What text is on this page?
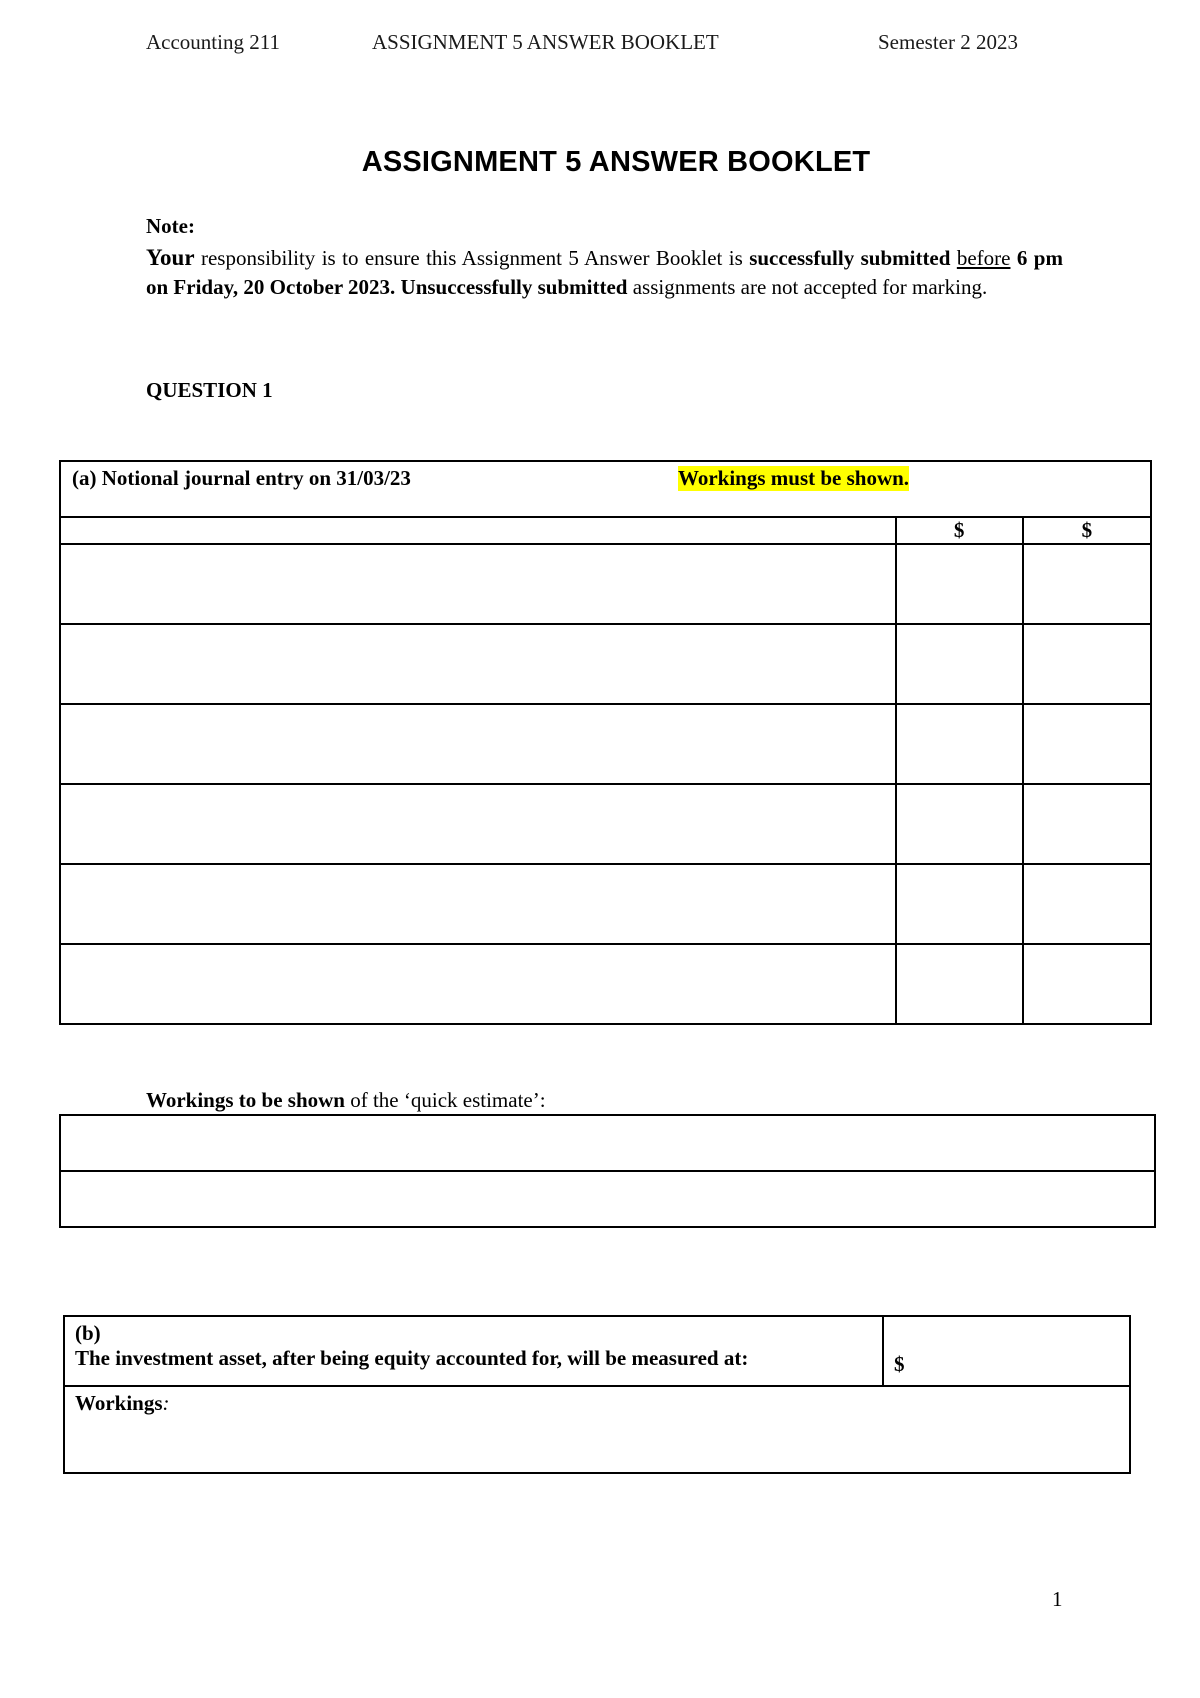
Accounting 211	ASSIGNMENT 5 ANSWER BOOKLET	Semester 2 2023
ASSIGNMENT 5 ANSWER BOOKLET
Note:
Your responsibility is to ensure this Assignment 5 Answer Booklet is successfully submitted before 6 pm on Friday, 20 October 2023. Unsuccessfully submitted assignments are not accepted for marking.
QUESTION 1
(a) Notional journal entry on 31/03/23 Workings must be shown.		

	$	$

Workings to be shown of the ‘quick estimate’:

(b)
The investment asset, after being equity accounted for, will be measured at:	$
Workings:
1
